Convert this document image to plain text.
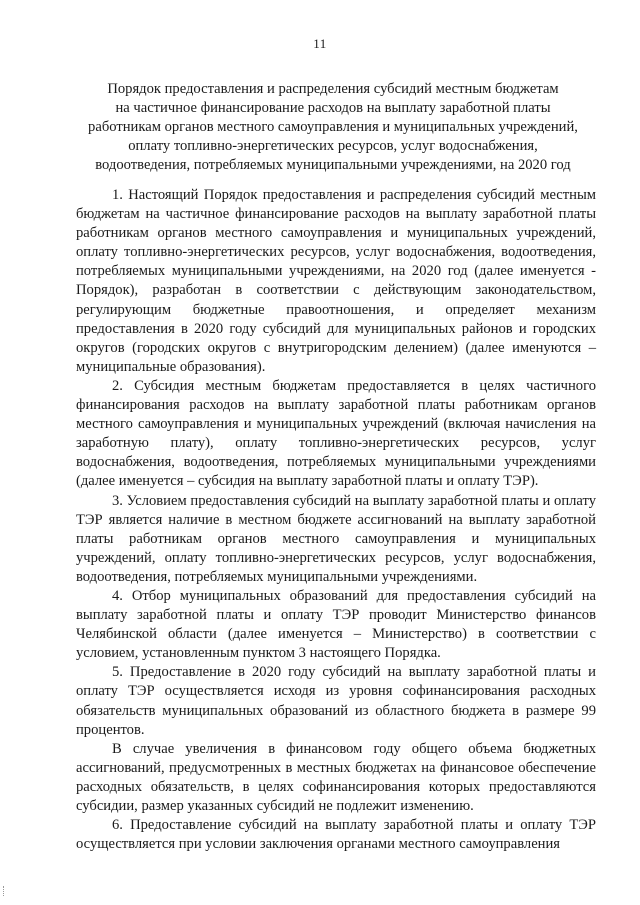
11
Порядок предоставления и распределения субсидий местным бюджетам
на частичное финансирование расходов на выплату заработной платы
работникам органов местного самоуправления и муниципальных учреждений,
оплату топливно-энергетических ресурсов, услуг водоснабжения,
водоотведения, потребляемых муниципальными учреждениями, на 2020 год

1. Настоящий Порядок предоставления и распределения субсидий местным бюджетам на частичное финансирование расходов на выплату заработной платы работникам органов местного самоуправления и муниципальных учреждений, оплату топливно-энергетических ресурсов, услуг водоснабжения, водоотведения, потребляемых муниципальными учреждениями, на 2020 год (далее именуется - Порядок), разработан в соответствии с действующим законодательством, регулирующим бюджетные правоотношения, и определяет механизм предоставления в 2020 году субсидий для муниципальных районов и городских округов (городских округов с внутригородским делением) (далее именуются – муниципальные образования).

2. Субсидия местным бюджетам предоставляется в целях частичного финансирования расходов на выплату заработной платы работникам органов местного самоуправления и муниципальных учреждений (включая начисления на заработную плату), оплату топливно-энергетических ресурсов, услуг водоснабжения, водоотведения, потребляемых муниципальными учреждениями (далее именуется – субсидия на выплату заработной платы и оплату ТЭР).

3. Условием предоставления субсидий на выплату заработной платы и оплату ТЭР является наличие в местном бюджете ассигнований на выплату заработной платы работникам органов местного самоуправления и муниципальных учреждений, оплату топливно-энергетических ресурсов, услуг водоснабжения, водоотведения, потребляемых муниципальными учреждениями.

4. Отбор муниципальных образований для предоставления субсидий на выплату заработной платы и оплату ТЭР проводит Министерство финансов Челябинской области (далее именуется – Министерство) в соответствии с условием, установленным пунктом 3 настоящего Порядка.

5. Предоставление в 2020 году субсидий на выплату заработной платы и оплату ТЭР осуществляется исходя из уровня софинансирования расходных обязательств муниципальных образований из областного бюджета в размере 99 процентов.

В случае увеличения в финансовом году общего объема бюджетных ассигнований, предусмотренных в местных бюджетах на финансовое обеспечение расходных обязательств, в целях софинансирования которых предоставляются субсидии, размер указанных субсидий не подлежит изменению.

6. Предоставление субсидий на выплату заработной платы и оплату ТЭР осуществляется при условии заключения органами местного самоуправления
